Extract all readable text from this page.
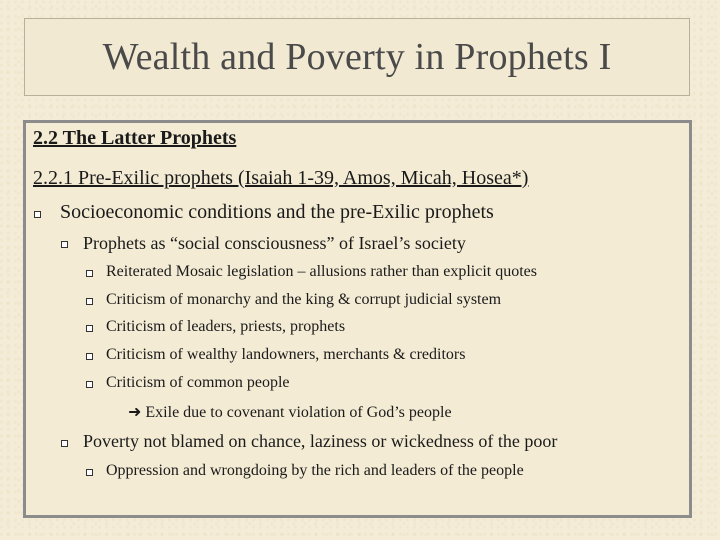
Wealth and Poverty in Prophets I
2.2 The Latter Prophets
2.2.1 Pre-Exilic prophets (Isaiah 1-39, Amos, Micah, Hosea*)
Socioeconomic conditions and the pre-Exilic prophets
Prophets as “social consciousness” of Israel’s society
Reiterated Mosaic legislation – allusions rather than explicit quotes
Criticism of monarchy and the king & corrupt judicial system
Criticism of leaders, priests, prophets
Criticism of wealthy landowners, merchants & creditors
Criticism of common people
➜ Exile due to covenant violation of God’s people
Poverty not blamed on chance, laziness or wickedness of the poor
Oppression and wrongdoing by the rich and leaders of the people
